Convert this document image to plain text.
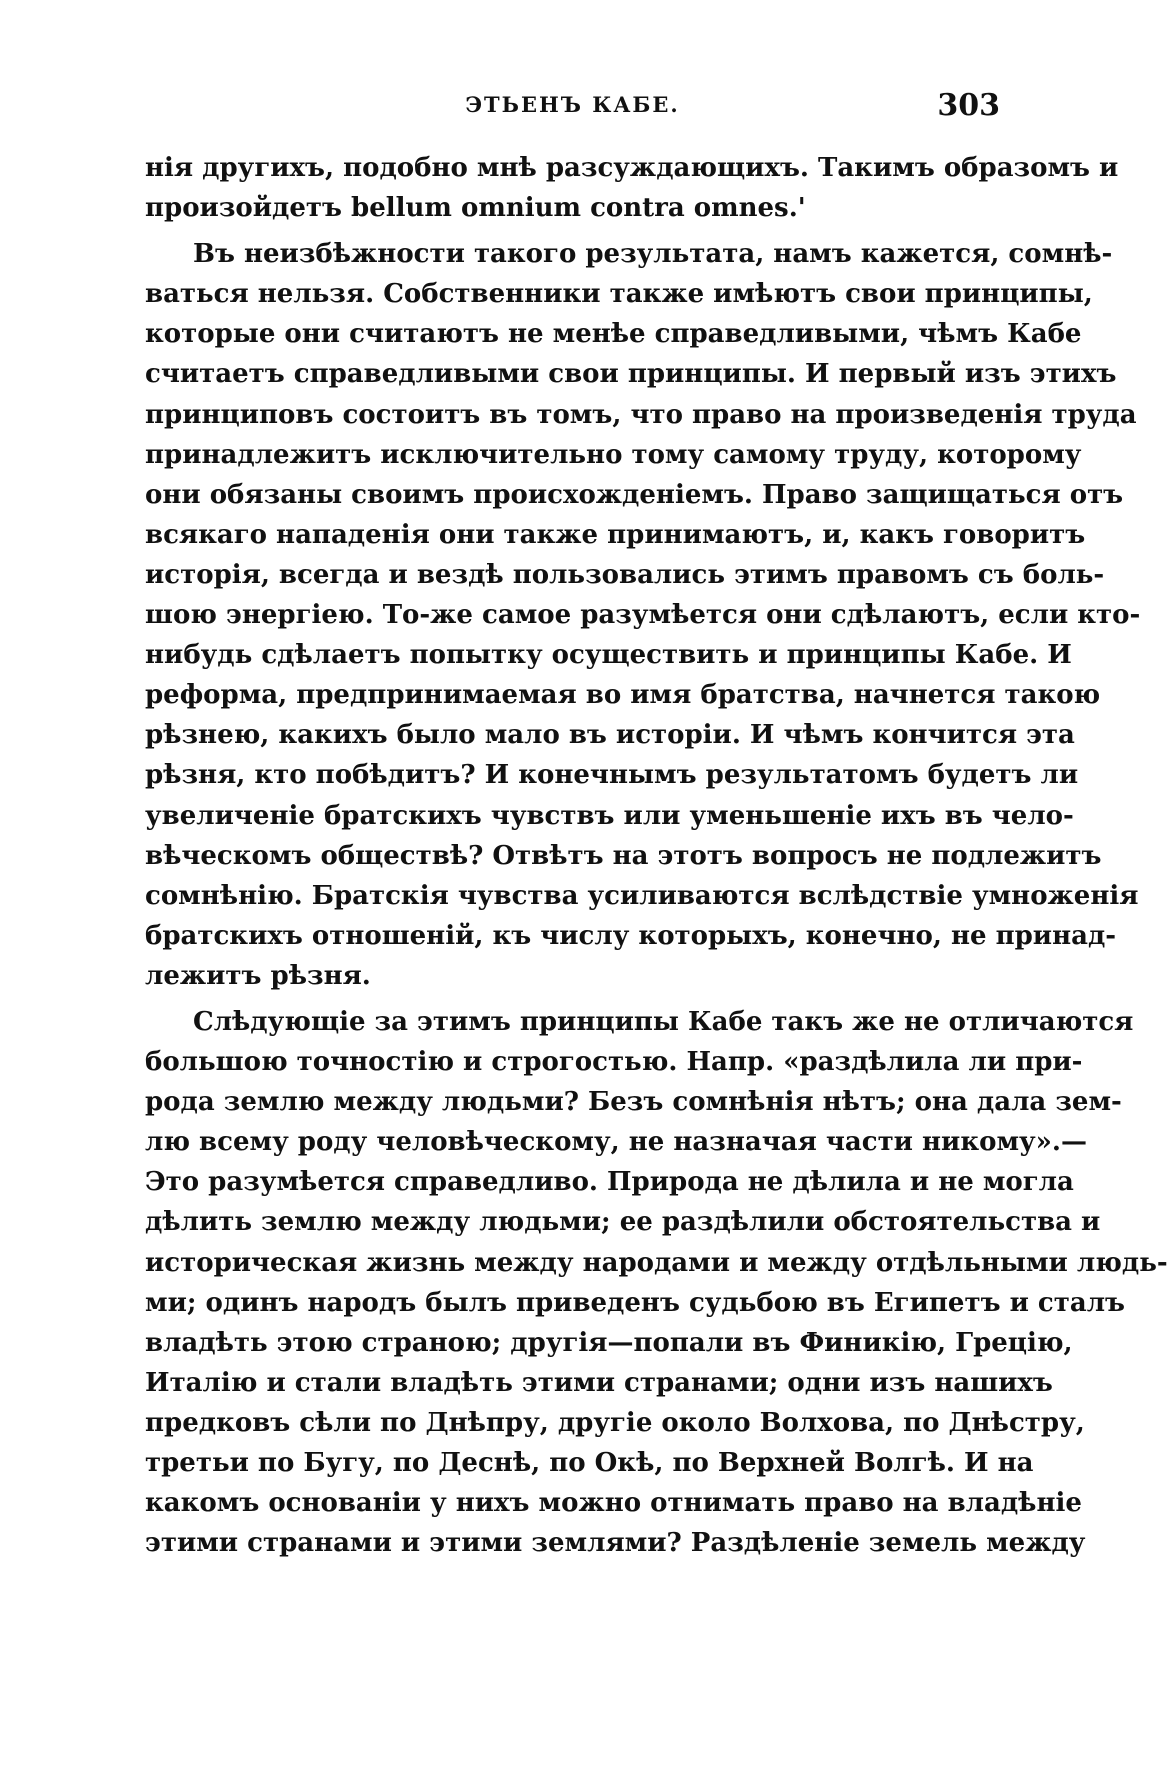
ЭТЬЕНЪ КАБЕ.	303
нія другихъ, подобно мнѣ разсуждающихъ. Такимъ образомъ и
произойдетъ bellum omnium contra omnes.'
Въ неизбѣжности такого результата, намъ кажется, сомнѣ-
ваться нельзя. Собственники также имѣютъ свои принципы,
которые они считаютъ не менѣе справедливыми, чѣмъ Кабе
считаетъ справедливыми свои принципы. И первый изъ этихъ
принциповъ состоитъ въ томъ, что право на произведенія труда
принадлежитъ исключительно тому самому труду, которому
они обязаны своимъ происхожденіемъ. Право защищаться отъ
всякаго нападенія они также принимаютъ, и, какъ говоритъ
исторія, всегда и вездѣ пользовались этимъ правомъ съ боль-
шою энергіею. То-же самое разумѣется они сдѣлаютъ, если кто-
нибудь сдѣлаетъ попытку осуществить и принципы Кабе. И
реформа, предпринимаемая во имя братства, начнется такою
рѣзнею, какихъ было мало въ исторіи. И чѣмъ кончится эта
рѣзня, кто побѣдитъ? И конечнымъ результатомъ будетъ ли
увеличеніе братскихъ чувствъ или уменьшеніе ихъ въ чело-
вѣческомъ обществѣ? Отвѣтъ на этотъ вопросъ не подлежитъ
сомнѣнію. Братскія чувства усиливаются вслѣдствіе умноженія
братскихъ отношеній, къ числу которыхъ, конечно, не принад-
лежитъ рѣзня.
Слѣдующіе за этимъ принципы Кабе такъ же не отличаются
большою точностію и строгостью. Напр. «раздѣлила ли при-
рода землю между людьми? Безъ сомнѣнія нѣтъ; она дала зем-
лю всему роду человѣческому, не назначая части никому».—
Это разумѣется справедливо. Природа не дѣлила и не могла
дѣлить землю между людьми; ее раздѣлили обстоятельства и
историческая жизнь между народами и между отдѣльными людь-
ми; одинъ народъ былъ приведенъ судьбою въ Египетъ и сталъ
владѣть этою страною; другія—попали въ Финикію, Грецію,
Италію и стали владѣть этими странами; одни изъ нашихъ
предковъ сѣли по Днѣпру, другіе около Волхова, по Днѣстру,
третьи по Бугу, по Деснѣ, по Окѣ, по Верхней Волгѣ. И на
какомъ основаніи у нихъ можно отнимать право на владѣніе
этими странами и этими землями? Раздѣленіе земель между
